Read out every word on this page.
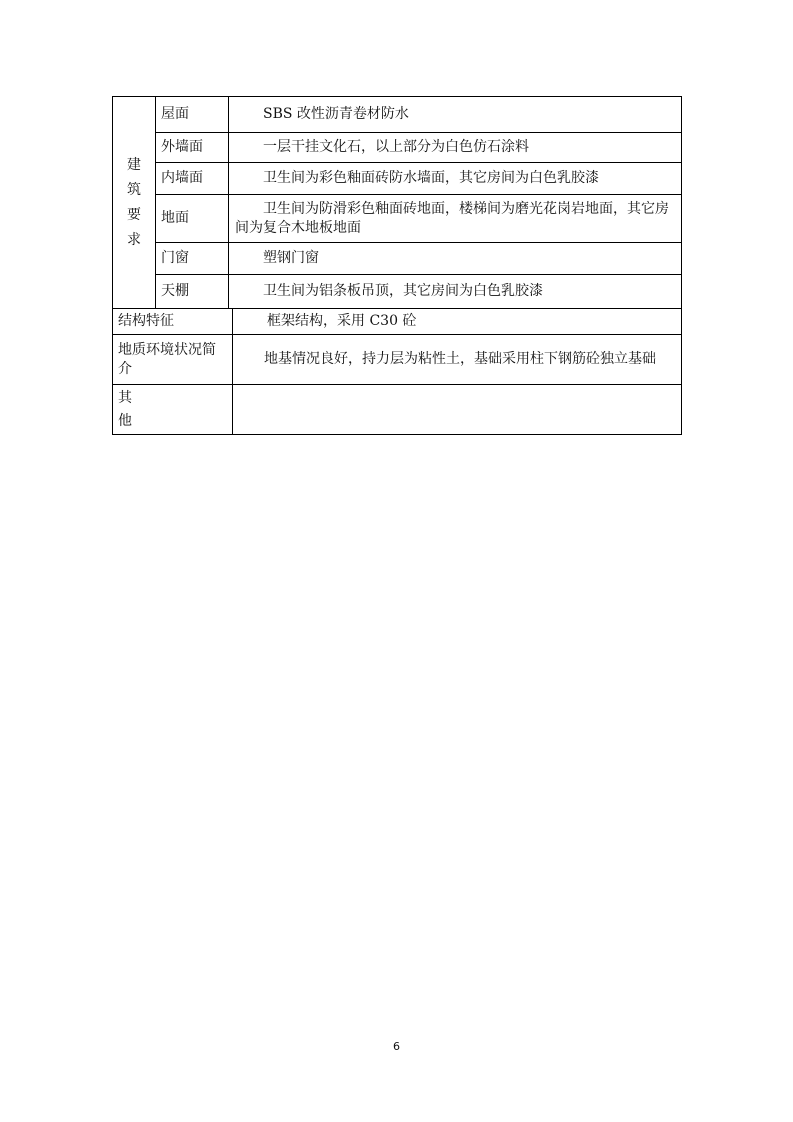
建
筑
要
求	屋面	SBS 改性沥青卷材防水	
	外墙面	一层干挂文化石，以上部分为白色仿石涂料	
	内墙面	卫生间为彩色釉面砖防水墙面，其它房间为白色乳胶漆	
	地面	卫生间为防滑彩色釉面砖地面，楼梯间为磨光花岗岩地面，其它房间为复合木地板地面	
	门窗	塑钢门窗	
	天棚	卫生间为铝条板吊顶，其它房间为白色乳胶漆	
结构特征			框架结构，采用 C30 砼
地质环境状况简介			地基情况良好，持力层为粘性土，基础采用柱下钢筋砼独立基础

其
他			

6
